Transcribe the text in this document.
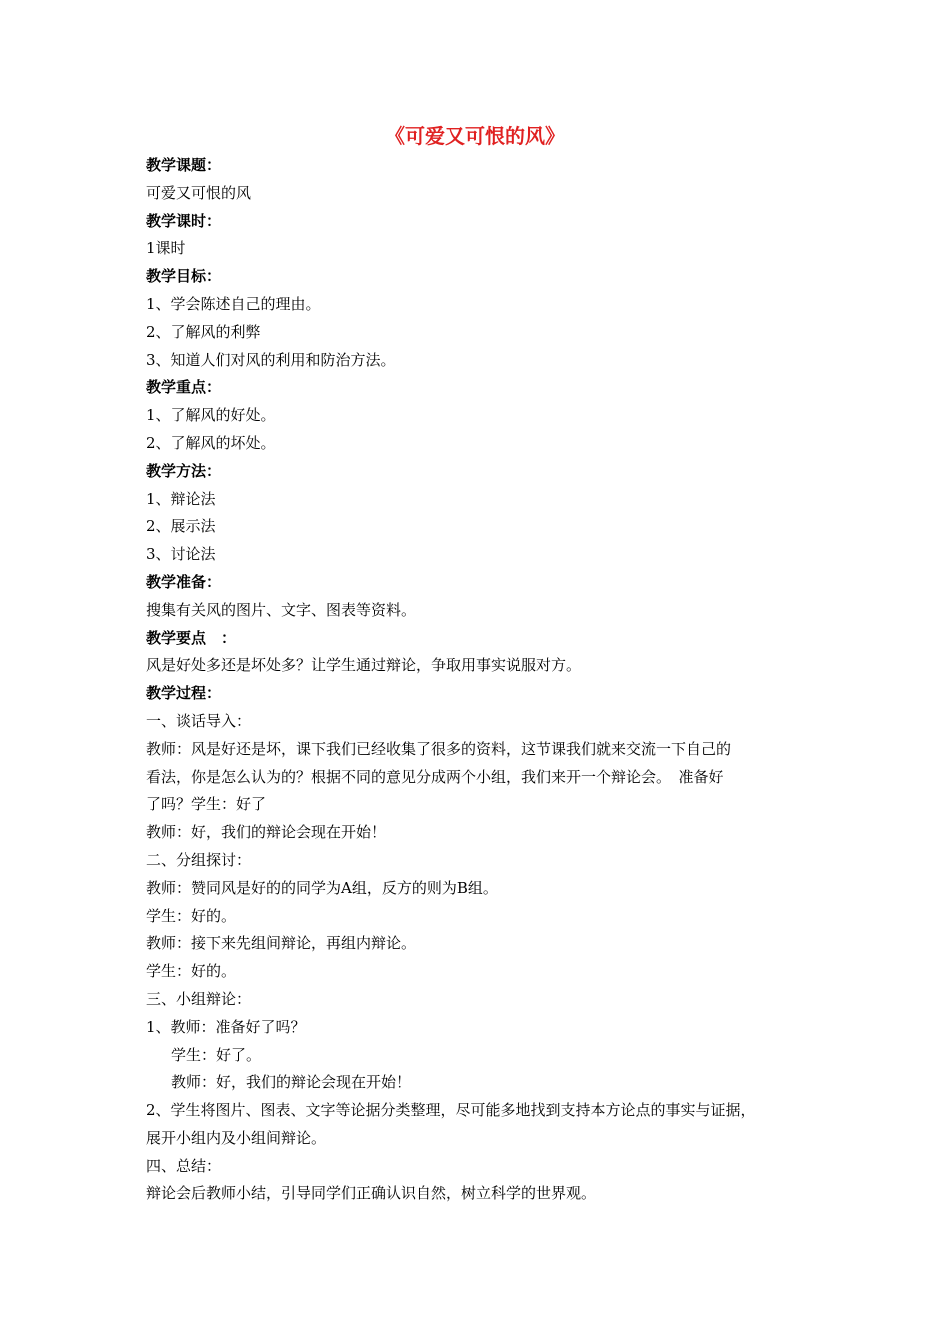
《可爱又可恨的风》

教学课题：

可爱又可恨的风

教学课时：

1课时

教学目标：

1、学会陈述自己的理由。

2、了解风的利弊

3、知道人们对风的利用和防治方法。

教学重点：

1、了解风的好处。

2、了解风的坏处。

教学方法：

1、辩论法

2、展示法

3、讨论法

教学准备：

搜集有关风的图片、文字、图表等资料。

教学要点　：

风是好处多还是坏处多？让学生通过辩论，争取用事实说服对方。

教学过程：

一、谈话导入：

教师：风是好还是坏，课下我们已经收集了很多的资料，这节课我们就来交流一下自己的

看法，你是怎么认为的？根据不同的意见分成两个小组，我们来开一个辩论会。　准备好

了吗？学生：好了

教师：好，我们的辩论会现在开始！

二、分组探讨：

教师：赞同风是好的的同学为A组，反方的则为B组。

学生：好的。

教师：接下来先组间辩论，再组内辩论。

学生：好的。

三、小组辩论：

1、教师：准备好了吗？

学生：好了。

教师：好，我们的辩论会现在开始！

2、学生将图片、图表、文字等论据分类整理，尽可能多地找到支持本方论点的事实与证据，

展开小组内及小组间辩论。

四、总结：

辩论会后教师小结，引导同学们正确认识自然，树立科学的世界观。
